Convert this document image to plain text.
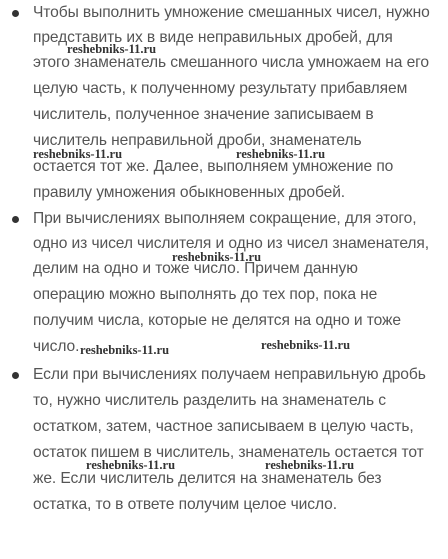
Чтобы выполнить умножение смешанных чисел, нужно
представить их в виде неправильных дробей, для
этого знаменатель смешанного числа умножаем на его
целую часть, к полученному результату прибавляем
числитель, полученное значение записываем в
числитель неправильной дроби, знаменатель
остается тот же. Далее, выполняем умножение по
правилу умножения обыкновенных дробей.
При вычислениях выполняем сокращение, для этого,
одно из чисел числителя и одно из чисел знаменателя,
делим на одно и тоже число. Причем данную
операцию можно выполнять до тех пор, пока не
получим числа, которые не делятся на одно и тоже
число.
Если при вычислениях получаем неправильную дробь
то, нужно числитель разделить на знаменатель с
остатком, затем, частное записываем в целую часть,
остаток пишем в числитель, знаменатель остается тот
же. Если числитель делится на знаменатель без
остатка, то в ответе получим целое число.
reshebniks-11.ru
reshebniks-11.ru	reshebniks-11.ru
reshebniks-11.ru
reshebniks-11.ru	reshebniks-11.ru
reshebniks-11.ru	reshebniks-11.ru
